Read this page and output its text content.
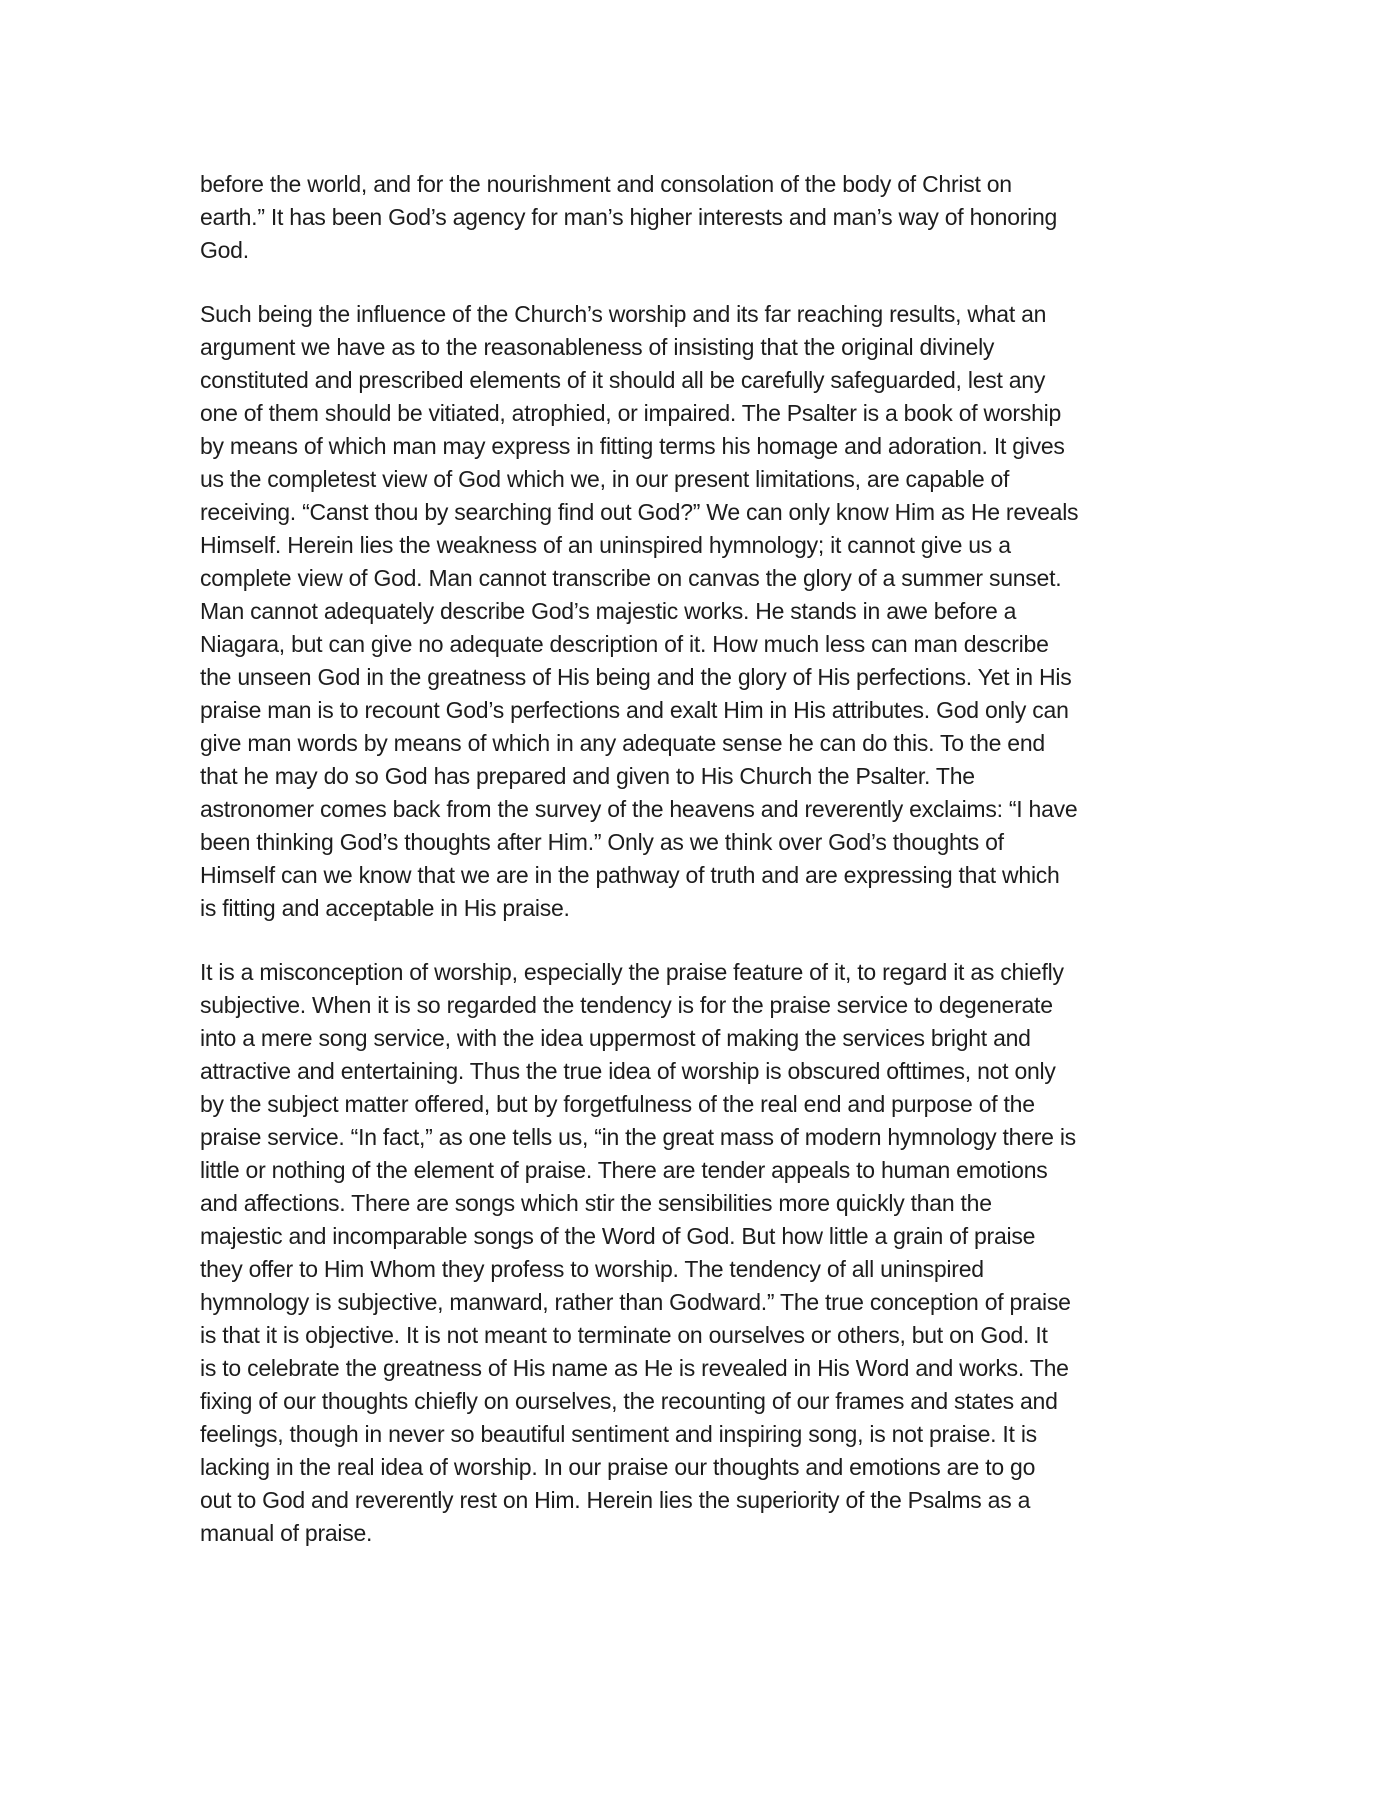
before the world, and for the nourishment and consolation of the body of Christ on
earth.” It has been God’s agency for man’s higher interests and man’s way of honoring
God.

Such being the influence of the Church’s worship and its far reaching results, what an
argument we have as to the reasonableness of insisting that the original divinely
constituted and prescribed elements of it should all be carefully safeguarded, lest any
one of them should be vitiated, atrophied, or impaired. The Psalter is a book of worship
by means of which man may express in fitting terms his homage and adoration. It gives
us the completest view of God which we, in our present limitations, are capable of
receiving. “Canst thou by searching find out God?” We can only know Him as He reveals
Himself. Herein lies the weakness of an uninspired hymnology; it cannot give us a
complete view of God. Man cannot transcribe on canvas the glory of a summer sunset.
Man cannot adequately describe God’s majestic works. He stands in awe before a
Niagara, but can give no adequate description of it. How much less can man describe
the unseen God in the greatness of His being and the glory of His perfections. Yet in His
praise man is to recount God’s perfections and exalt Him in His attributes. God only can
give man words by means of which in any adequate sense he can do this. To the end
that he may do so God has prepared and given to His Church the Psalter. The
astronomer comes back from the survey of the heavens and reverently exclaims: “I have
been thinking God’s thoughts after Him.” Only as we think over God’s thoughts of
Himself can we know that we are in the pathway of truth and are expressing that which
is fitting and acceptable in His praise.

It is a misconception of worship, especially the praise feature of it, to regard it as chiefly
subjective. When it is so regarded the tendency is for the praise service to degenerate
into a mere song service, with the idea uppermost of making the services bright and
attractive and entertaining. Thus the true idea of worship is obscured ofttimes, not only
by the subject matter offered, but by forgetfulness of the real end and purpose of the
praise service. “In fact,” as one tells us, “in the great mass of modern hymnology there is
little or nothing of the element of praise. There are tender appeals to human emotions
and affections. There are songs which stir the sensibilities more quickly than the
majestic and incomparable songs of the Word of God. But how little a grain of praise
they offer to Him Whom they profess to worship. The tendency of all uninspired
hymnology is subjective, manward, rather than Godward.” The true conception of praise
is that it is objective. It is not meant to terminate on ourselves or others, but on God. It
is to celebrate the greatness of His name as He is revealed in His Word and works. The
fixing of our thoughts chiefly on ourselves, the recounting of our frames and states and
feelings, though in never so beautiful sentiment and inspiring song, is not praise. It is
lacking in the real idea of worship. In our praise our thoughts and emotions are to go
out to God and reverently rest on Him. Herein lies the superiority of the Psalms as a
manual of praise.
